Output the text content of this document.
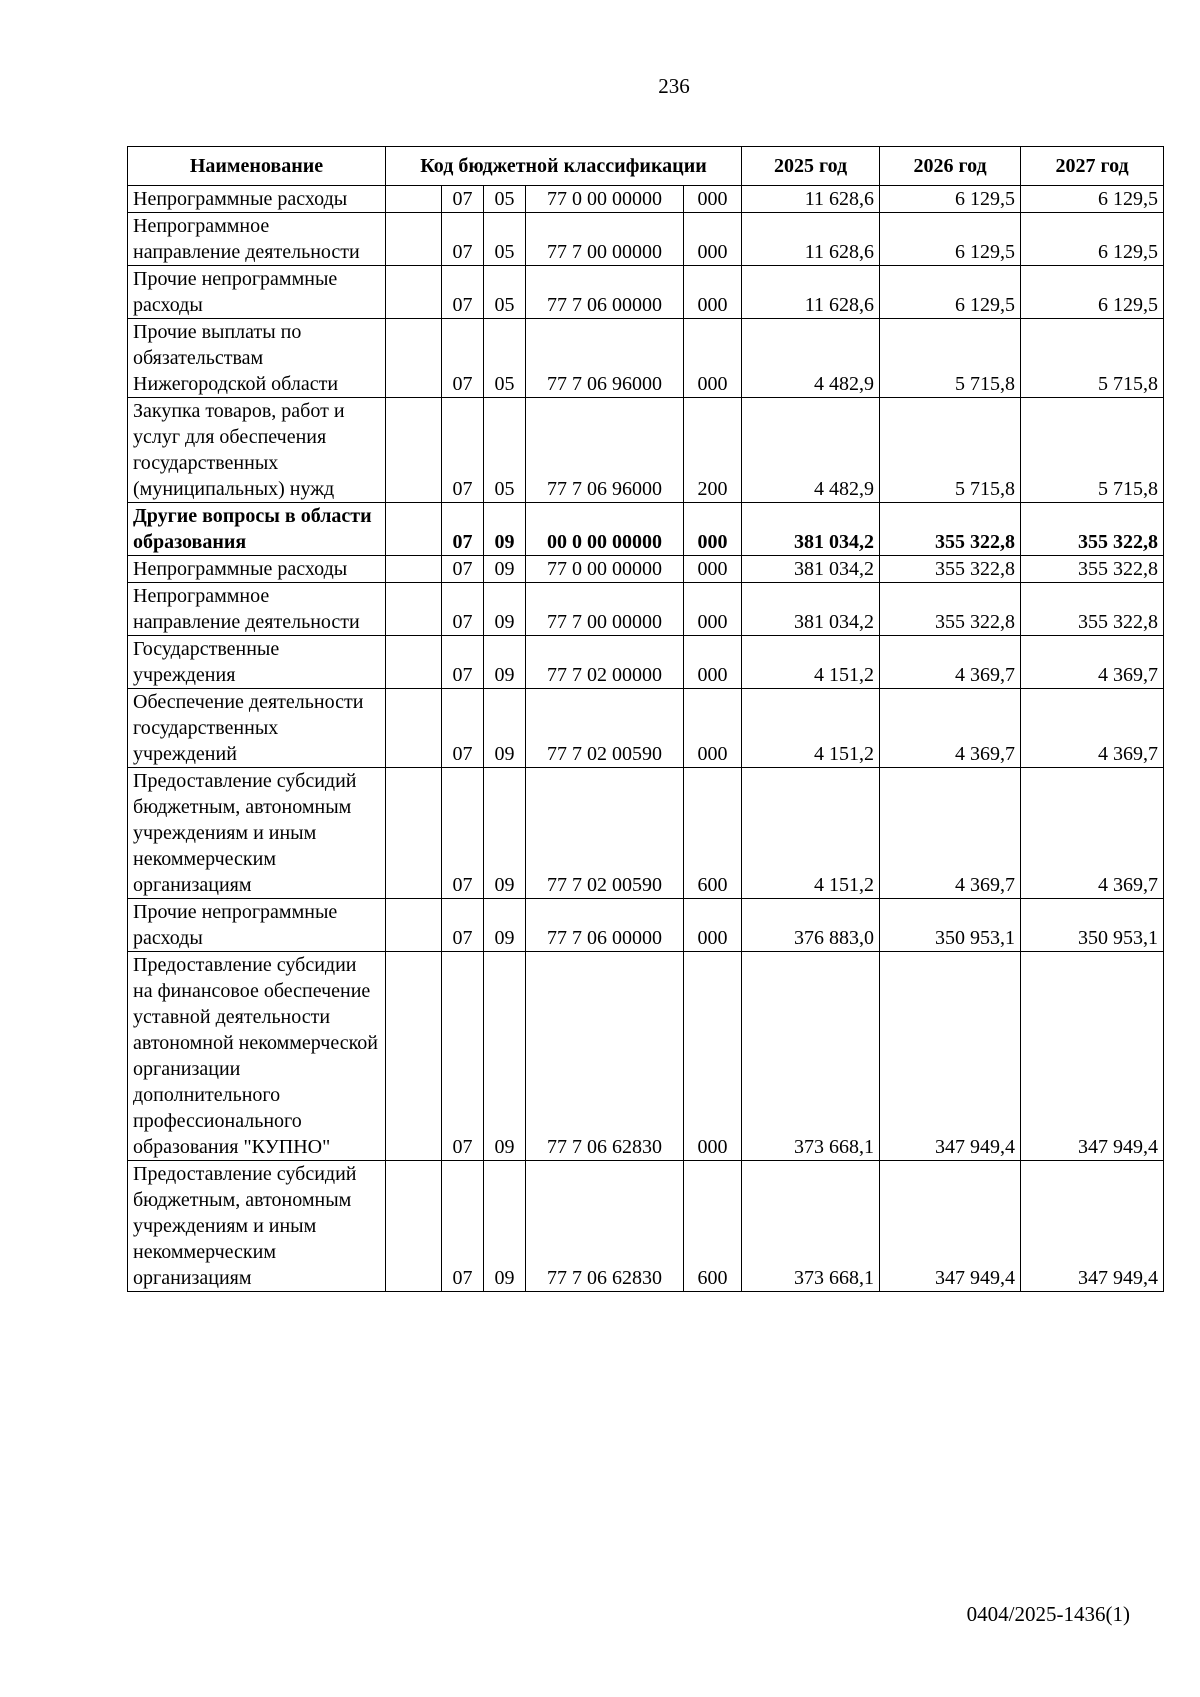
236
Наименование	Код бюджетной классификации					2025 год	2026 год	2027 год
Непрограммные расходы		07	05	77 0 00 00000	000	11 628,6	6 129,5	6 129,5
Непрограммное направление деятельности		07	05	77 7 00 00000	000	11 628,6	6 129,5	6 129,5
Прочие непрограммные расходы		07	05	77 7 06 00000	000	11 628,6	6 129,5	6 129,5
Прочие выплаты по обязательствам Нижегородской области		07	05	77 7 06 96000	000	4 482,9	5 715,8	5 715,8
Закупка товаров, работ и услуг для обеспечения государственных (муниципальных) нужд		07	05	77 7 06 96000	200	4 482,9	5 715,8	5 715,8
Другие вопросы в области образования		07	09	00 0 00 00000	000	381 034,2	355 322,8	355 322,8
Непрограммные расходы		07	09	77 0 00 00000	000	381 034,2	355 322,8	355 322,8
Непрограммное направление деятельности		07	09	77 7 00 00000	000	381 034,2	355 322,8	355 322,8
Государственные учреждения		07	09	77 7 02 00000	000	4 151,2	4 369,7	4 369,7
Обеспечение деятельности государственных учреждений		07	09	77 7 02 00590	000	4 151,2	4 369,7	4 369,7
Предоставление субсидий бюджетным, автономным учреждениям и иным некоммерческим организациям		07	09	77 7 02 00590	600	4 151,2	4 369,7	4 369,7
Прочие непрограммные расходы		07	09	77 7 06 00000	000	376 883,0	350 953,1	350 953,1
Предоставление субсидии на финансовое обеспечение уставной деятельности автономной некоммерческой организации дополнительного профессионального образования "КУПНО"		07	09	77 7 06 62830	000	373 668,1	347 949,4	347 949,4
Предоставление субсидий бюджетным, автономным учреждениям и иным некоммерческим организациям		07	09	77 7 06 62830	600	373 668,1	347 949,4	347 949,4
0404/2025-1436(1)
